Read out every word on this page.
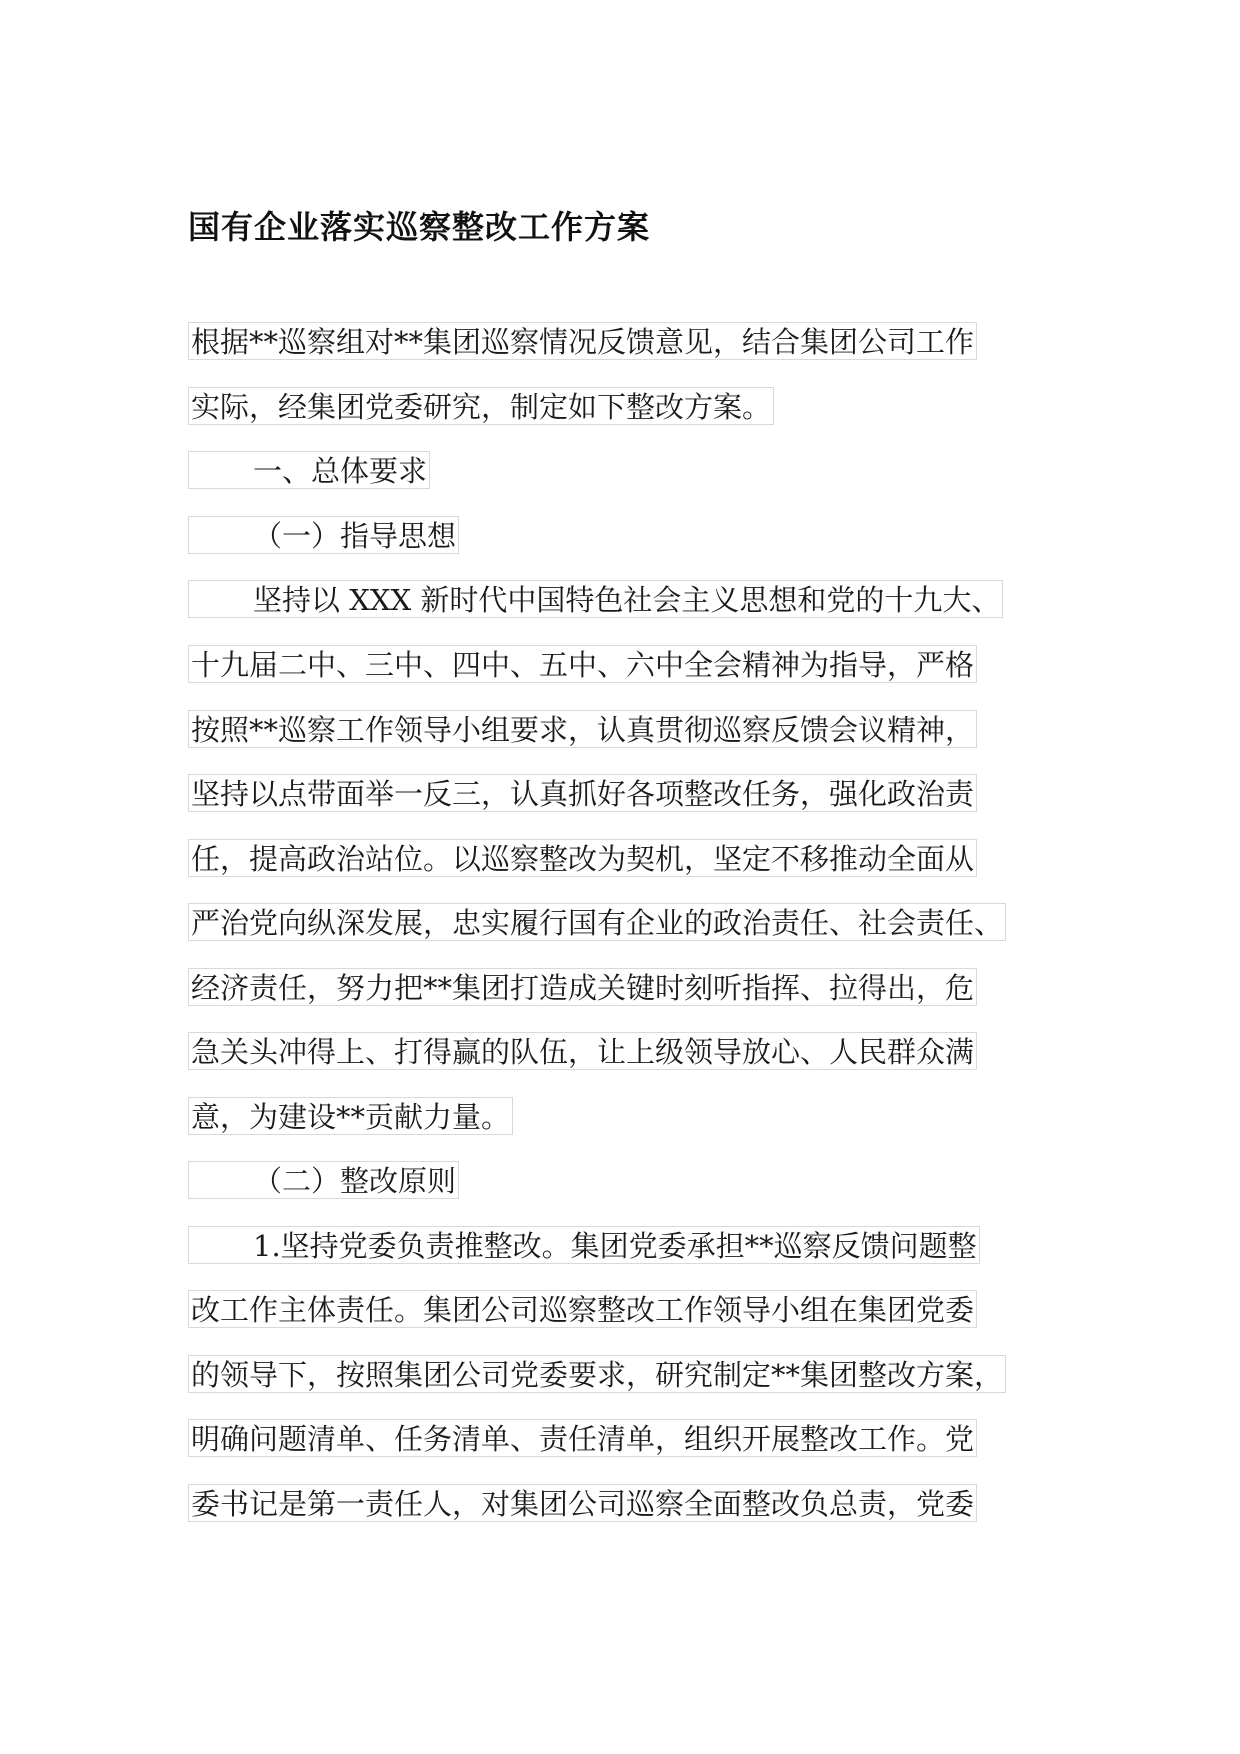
国有企业落实巡察整改工作方案
根据**巡察组对**集团巡察情况反馈意见，结合集团公司工作
实际，经集团党委研究，制定如下整改方案。
一、总体要求
（一）指导思想
坚持以 XXX 新时代中国特色社会主义思想和党的十九大、
十九届二中、三中、四中、五中、六中全会精神为指导，严格
按照**巡察工作领导小组要求，认真贯彻巡察反馈会议精神，
坚持以点带面举一反三，认真抓好各项整改任务，强化政治责
任，提高政治站位。以巡察整改为契机，坚定不移推动全面从
严治党向纵深发展，忠实履行国有企业的政治责任、社会责任、
经济责任，努力把**集团打造成关键时刻听指挥、拉得出，危
急关头冲得上、打得赢的队伍，让上级领导放心、人民群众满
意，为建设**贡献力量。
（二）整改原则
1.坚持党委负责推整改。集团党委承担**巡察反馈问题整
改工作主体责任。集团公司巡察整改工作领导小组在集团党委
的领导下，按照集团公司党委要求，研究制定**集团整改方案，
明确问题清单、任务清单、责任清单，组织开展整改工作。党
委书记是第一责任人，对集团公司巡察全面整改负总责，党委
